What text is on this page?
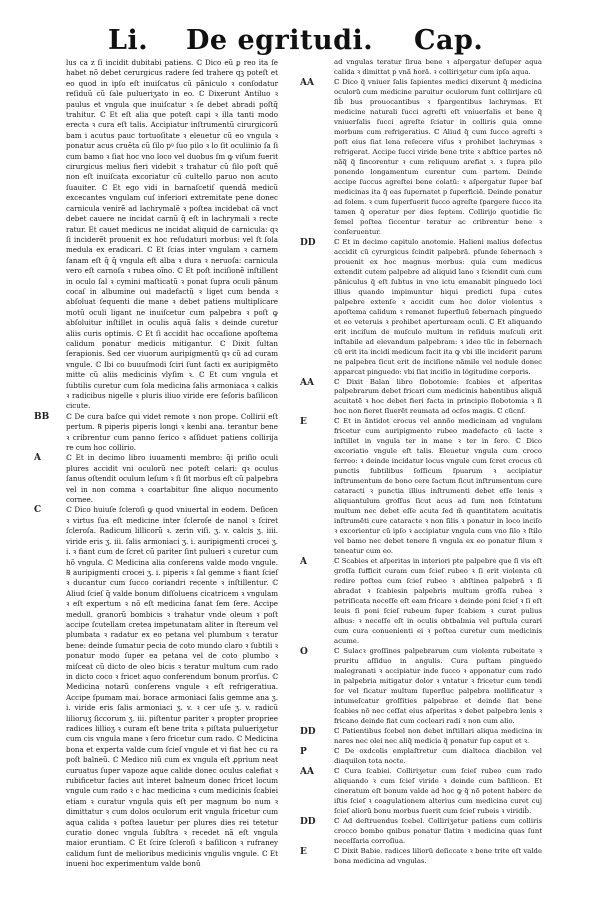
Li. De egritudi. Cap.

lus ca z ſi incidit dubitabi patiens. ℂ Dico eũ ꝑ reo ita ſe habet nõ debet cerurgicus radere ſed trahere qꝫ poteſt et eo quod in ipſo eſt inuiſcatus cũ pãniculo ꝛ conſodatur reſiduũ cũ ſale pulueriʒato in eo. ℂ Dixerunt Antiluo ꝛ paulus et vngula que inuiſcatur ꝛ ſe debet abradi poſtq̃ trahitur. ℂ Et eſt alia que poteſt capi ꝛ illa tanti modo erecta ꝛ cura eſt talis. Accipiatur inſtrumentũ cirurgicorũ bam i acutus pauc tortuoſitate ꝛ eleuetur cũ eo vngula ꝛ ponatur acus cruẽta cũ ſilo pꝰ ſuo pilo ꝛ lo ſit oculiinio ſa ſi cum bamo ꝛ ſiat hoc vno loco vel duobus ſm ꝙ viſum fuerit cirurgicus melius fieri videbit ꝛ trahatur cũ ſilo poſt quẽ non eſt inuiſcata excoriatur cũ cultello paruo non acuto ſuauiter. ℂ Et ego vidi in barnaſcetiſ quendã medicũ excecantes vngulam cuſ inferiori extremitate pene donec carnicula venirẽ ad lachrymalẽ ꝛ poſtea incidebat cã vnct debet cauere ne incidat carnũ q̃ eſt in lachrymali ꝛ recte ratur. Et cauet medicus ne incidat aliquid de carnicula: qꝛ ſi inciderẽt prouenit ex hoc reſudaturi morbus: vel ſt ſola medula ex eradicari. ℂ Et ſcias inter vngulam ꝛ carnem ſanam eſt q̃ q̃ vngula eſt alba ꝛ dura ꝛ neruoſa: carnicula vero eſt carnoſa ꝛ rubea oĩno. ℂ Et poſt inciſionẽ inſtillent in oculo ſal ꝛ cymini maſticatũ ꝛ ponat ſupra oculi pãnum cocaſ in albumine oui madefactũ ꝛ liget cum benda ꝛ abſoluat ſequenti die mane ꝛ debet patiens multiplicare motũ oculi ligant ne inuiſcetur cum palpebra ꝛ poſt ꝙ abſoluitur inſtillet in oculis aquã ſalis ꝛ deinde curetur aliis curis optimis. ℂ Et ſi accidit hac occaſione apoſtema calidum ponatur medicis mitigantur. ℂ Dixit ſultan ſerapionis. Sed cer viuorum auripigmentũ qꝛ cũ ad curam vngule. ℂ Ibi co buuuſmodi ſciri ſunt ſacti ex auripigmẽto mitte cũ aliis medicinis vlyſim ꝛ. ℂ Et cum vngula et ſubtilis curetur cum ſola medicina ſalis armoniaca ꝛ calkis ꝛ radicibus nigelle ꝛ pluris iliuo viride ere ſeſoris baſilicon cicute.

BB ℂ De cura baſce qui videt remote ꝛ non prope. Collirii eſt pertum. ℞ piperis piperis longi ꝛ kenbi ana. terantur bene ꝛ cribrentur cum panno ſerico ꝛ aſſiduet patiens collirija re cum hoc collirio.

A	ℂ Et in decimo libro iuuamenti membro: q̃i priſio oculi plures accidit vni oculorũ nec poteſt celari: qꝛ oculus ſanus oſtendit oculum leſum ꝛ ſi ſit morbus eſt cũ palpebra vel in non comma ꝛ coartabitur ſine aliquo nocumento cornee.

C	ℂ Dico huiuſe ſcleroſi ꝙ quod vniuertal in eodem. Deſicen ꝛ virtus ſua eſt medicine inter ſcleroſe de nanol ꝛ ſciret ſcleroſa. Radicum lillicorũ ꝛ. zerin viſi. ʒ. v. calcis ʒ. iiii. viride eris ʒ. iii. ſalis armoniaci ʒ. i. auripigmenti crocei ʒ. i. ꝛ fiant cum de ſcret cũ pariter ſint pulueri ꝛ curetur cum hõ vngula. ℂ Medicina alia conſerens valde modo vngule. ℞ auripigmenti crocei ʒ. i. piperis ꝛ ſal gemme ꝛ fiant ſcieſ ꝛ ducantur cum ſucco coriandri recente ꝛ inſtillentur. ℂ Aliud ſcieſ q̃ valde bonum diſſoluens cicatricem ꝛ vngulam ꝛ eſt expertum ꝛ nõ eſt medicina ſanat ſem ſere. Accipe medull. granorũ bombicis ꝛ trahatur vnde oleum ꝛ poſt accipe ſcutellam cretea impetunatam aliter in ſtereum vel plumbata ꝛ radatur ex eo petana vel plumbum ꝛ teratur bene: deinde ſumatur pecia de coto mundo claro ꝛ ſubtili ꝛ ponatur modo ſuper ea petana vel de coto plumbo ꝛ miſceat cũ dicto de oleo bicis ꝛ teratur multum cum rado in dicto coco ꝛ fricet aquo conferendum bonum prorſus. ℂ Medicina notarũ conſerens vngule ꝛ eſt refrigeratiua. Accipe ſpumam mai. borace armoniaci ſalis gemme ana ʒ. i. viride eris ſalis armoniaci ʒ. v. ꝛ cer uſe ʒ. v. radicũ lilioruʒ ſiccorum ʒ. iii. piſtentur pariter ꝛ propter propriee radices lillioʒ ꝛ curam eſt bene trita ꝛ piſtata pulueriʒetur cum cis vngula mane ꝛ ſero fricetur cum rado. ℂ Medicina bona et experta valde cum ſcieſ vngule et vi fiat hec cu ra poſt balneũ. ℂ Medico niũ cum ex vngula eſt ꝓprium neat curuatus ſuper vapoze aque calide donec oculus calefiat ꝛ rubificetur facies aut interet balneum donec fricet locum vngule cum rado ꝛ c hac medicina ꝛ cum medicinis ſcabiei etiam ꝛ curatur vngula quis eſt per magnum bo num ꝛ dimittatur ꝛ cum dolos oculorum erit vngula fricetur cum aqua calida ꝛ poſtea lauetur per plures dies rei tetetur curatio donec vngula ſubſtra ꝛ recedet nã eſt vngula maior eruntiam. ℂ Et ſcire ſcleroſi ꝛ baſilicon ꝛ rufraney calidum ſunt de melioribus medicinis vngulis vngule. ℂ Et inueni hoc experimentum valde bonũ

ad vngulas teratur ſirua bene ꝛ aſpergatur deſuper aqua calida ꝛ dimittat p vnã horã. ꝛ colliriʒetur cum ipſa aqua.

AA	ℂ Dico q̃ vniuer ſalis ſapientes medici dixerunt q̃ medicina oculorũ cum medicine paruitur oculorum ſunt collirijare cũ ſib̃ bus prouocantibus ꝛ ſpargentibus lachrymas. Et medicine naturali ſucci agreſti eſt vniuerſalis et bene q̃ vniuerſalis ſucci agreſte ſciatur in colliris quia omne morbum cum refrigeratius. ℂ Aliud q̃ cum ſucco agreſti ꝛ poſt eius ſiat lena reſecere viſus ꝛ prohibet lachrymas ꝛ refrigerat. Accipe ſucci viride bene trite ꝛ abſtice partes nõ nãq̃ q̃ ſincorentur ꝛ cum reliquum arefiat ꝛ. ꝛ ſupra pilo ponendo longamentum curentur cum partem. Deinde accipe ſuccus agreſtei bene colatũ: ꝛ aſpergatur ſuper baſ medicinas ita q̃ eas ſupernatet p ſuperficiẽ. Deinde ponatur ad ſolem. ꝛ cum ſuperſuerit ſucco agreſte ſpargere ſucco ita tamen q̃ operatur per dies ſeptem. Collirijo quotidie ſic ſemel poſtea ſiccentur teratur ac cribrentur bene ꝛ conſeruentur.

DD	ℂ Et in decimo capitulo anotomie. Halieni malius deſectus accidit cũ cyrurgicus ſcindit palpebrã. pſunde ſebernach ꝛ prouenit ex hoc magnus morbus: quia cum medicus extendit cutem palpebre ad aliquid lano ꝛ ſciendit cum cum pãniculus q̃ eſt ſubtus in vno ictu emanabit pinguedo loci illius quando impimuntur hiqui predicti ſupa cutes palpebre extenſe ꝛ accidit cum hoc dolor violentus ꝛ apoſtema calidum ꝛ remanet ſuperfluũ ſebernach pinguedo et eo veteruis ꝛ prohibet apertuream oculi. ℂ Et aliquando erit inciſum de muſculo multum in reſiduis muſculi erit inſtabile ad elevandum palpebram: ꝛ ideo tũc in ſebernach cũ erit ita incidi medicum facit ita ꝙ vbi ille inciderit parum ne palpebra ſicut erit de inciſione nãmile vel nodule donec apparcat pinguedo: vbi ſiat inciſio in lógitudine corporis.

AA	ℂ Dixit Balan libro ſlobotomie: ſcabies et aſperitas palpebrarum debet fricari cum medicinis habentibus aliquã acuitatẽ ꝛ hoc debet fieri facta in principio ſlobotomia ꝛ ſi hoc non fieret ſluerẽt reumata ad ocſos magis. ℂ cũcnſ.

E	ℂ Et in ãntidot crocus vel annõo medicinam ad vngulam fricetur cum auripigmento rubeo madefacto cũ lacte ꝛ inſtillet in vngula ter in mane ꝛ ter in ſero. ℂ Dico excoriatio vngule eſt talis. Eleuetur vngula cum croco ſerreo: ꝛ deinde incidatur locus vngule cum ſcret crocus cũ punctis ſubtilibus ſoſſicum ſpuarum ꝛ accipiatur inſtrumentum de bono cere ſactum ſicut inſtrumentum cure cataracti ꝛ punctia illius inſtrumenti debet eſſe lenis ꝛ aliquantulum groſſus ſicut acus ad ſum non ſcintatum multum nec debet eſſe acuta ſed m̃ quantitatem acuitatis inſtrumẽti cure cataracte ꝛ non ſilis ꝛ ponatur in loco inciſo ꝛ excorientur cũ ipſo ꝛ accipiatur vngula cum vno ſilo ꝛ ſtilo vel bamo nec debet tenere ſi vngula ex eo ponatur filum ꝛ teneatur cum eo.

A	ℂ Scabies et aſperitas in interiori pte palpebre que ſi vis eſt groſſa ſufficit curam cum ſcieſ rubeo ꝛ ſi erit violenta cũ redire poſtea cum ſcieſ rubeo ꝛ abſtinea palpebrã ꝛ ſi abradat ꝛ ſcabiesin palpebris multum groſſa rubea ꝛ petriſicata neceſſe eſt eam fricare ꝛ deinde poni ſcieſ ꝛ ſi eſt leuis ſi poni ſcieſ rubeum ſuper ſcabiem ꝛ curat pulius albus: ꝛ neceſſe eſt in oculis obtbalmia vel puſtula curari cum cura conuenienti ei ꝛ poſtea curetur cum medicinis acume.

O	ℂ Sulacꝛ groſſines palpebrarum cum violenta rubeitate ꝛ pruritu aſſiduo in angulis. Cura puſtam pinguedo malegranati ꝛ accipiatur inde ſucco ꝛ apponatur cum rado in palpebria mitigatur dolor ꝛ vntatur ꝛ fricetur cum tendi ſor vel ſicatur multum ſuperſluc palpebra mollificatur ꝛ intumeſcatur groſſities palpebrae et deinde ſiat bene ſcabies nõ nec ceſſat eius aſperitas ꝛ debet palpebra lenis ꝛ fricano deinde fiat cum cocleari radi ꝛ non cum alio.

DD	ℂ Patientibus ſcebel non debet inſtillari aliqua medicina in nares nec olei nec aliq̃ medicia q̃ ponatur ſup caput et ꝛ.

P	ℂ De oxdcolis emplaſtretur cum dialteca diacbilon vel diaquilon tota nocte.

AA	ℂ Cura ſcabiei. Colliriʒetur cum ſcieſ rubeo cum rado aliquando ꝛ cum ſcieſ viride ꝛ deinde cum baſilicon. Et cineratum eſt bonum valde ad hoc ꝙ q̃ nõ potent haberc de iſtis ſcieſ ꝛ coagulationem alterius cum medicina curet cuj ſcieſ aliorũ bonu morbus ſuerit cum ſcieſ rubeis ꝛ viridib̃.

DD	ℂ Ad deſtruendus ſcebel. Colliriʒetur patiens cum colliris crocco bombo qnibus ponatur ſlatim ꝛ medicina quas ſunt neceſſaria corroſiua.

E	ℂ Dixit Babie. radices liliorũ deſiccate ꝛ bene trite eſt valde bona medicina ad vngulas.
